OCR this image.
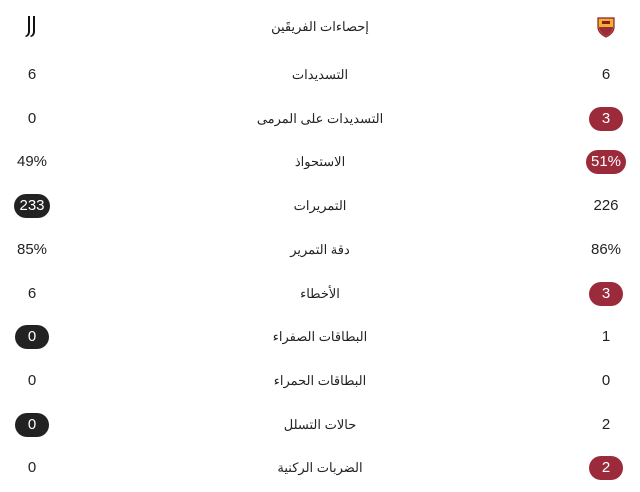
إحصاءات الفريقَين
6	التسديدات	6
0	التسديدات على المرمى	3
49%	الاستحواذ	51%
233	التمريرات	226
85%	دقة التمرير	86%
6	الأخطاء	3
0	البطاقات الصفراء	1
0	البطاقات الحمراء	0
0	حالات التسلل	2
0	الضربات الركنية	2
